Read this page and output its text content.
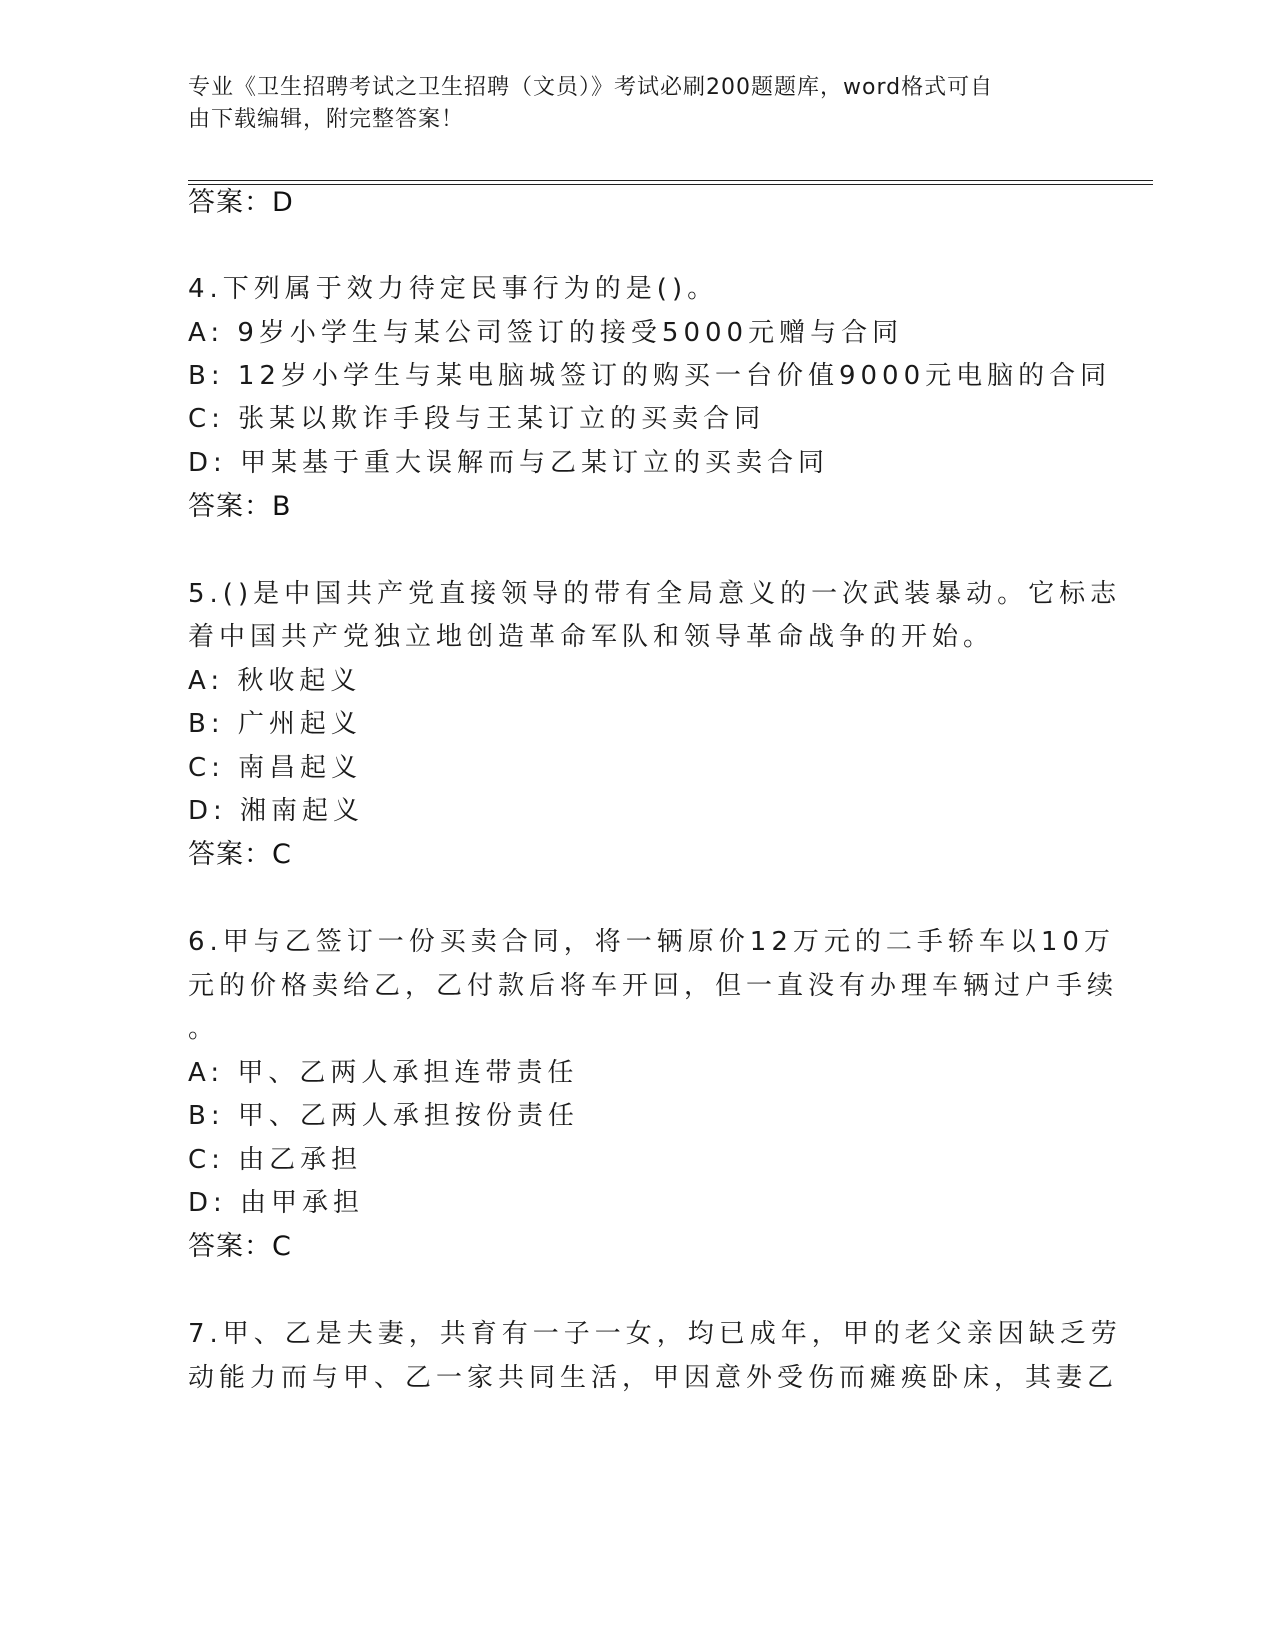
专业《卫生招聘考试之卫生招聘（文员）》考试必刷200题题库，word格式可自
由下载编辑，附完整答案！
答案：D
4.下列属于效力待定民事行为的是()。
A: 9岁小学生与某公司签订的接受5000元赠与合同
B: 12岁小学生与某电脑城签订的购买一台价值9000元电脑的合同
C: 张某以欺诈手段与王某订立的买卖合同
D: 甲某基于重大误解而与乙某订立的买卖合同
答案：B
5.()是中国共产党直接领导的带有全局意义的一次武装暴动。它标志
着中国共产党独立地创造革命军队和领导革命战争的开始。
A: 秋收起义
B: 广州起义
C: 南昌起义
D: 湘南起义
答案：C
6.甲与乙签订一份买卖合同，将一辆原价12万元的二手轿车以10万
元的价格卖给乙，乙付款后将车开回，但一直没有办理车辆过户手续
。
A: 甲、乙两人承担连带责任
B: 甲、乙两人承担按份责任
C: 由乙承担
D: 由甲承担
答案：C
7.甲、乙是夫妻，共育有一子一女，均已成年，甲的老父亲因缺乏劳
动能力而与甲、乙一家共同生活，甲因意外受伤而瘫痪卧床，其妻乙
